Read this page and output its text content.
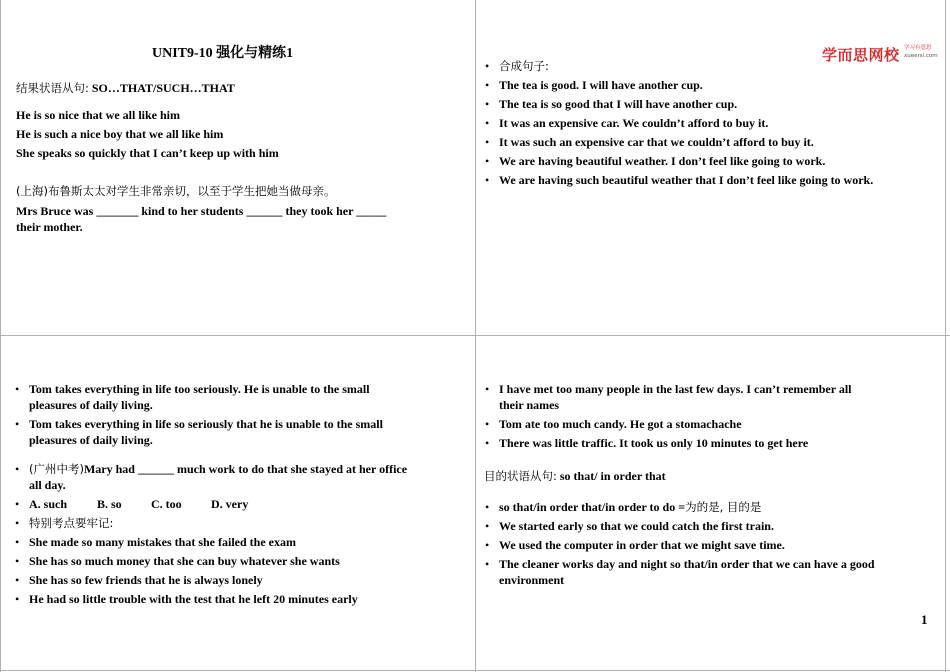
UNIT9-10 强化与精练1
结果状语从句: SO…THAT/SUCH…THAT
He is so nice that we all like him
He is such a nice boy that we all like him
She speaks so quickly that I can’t keep up with him
(上海)布鲁斯太太对学生非常亲切，以至于学生把她当做母亲。
Mrs Bruce was _______ kind to her students ______ they took her _____
their mother.
学而思网校 学习有意思
xueersi.com
• 合成句子:
• The tea is good. I will have another cup.
• The tea is so good that I will have another cup.
• It was an expensive car. We couldn’t afford to buy it.
• It was such an expensive car that we couldn’t afford to buy it.
• We are having beautiful weather. I don’t feel like going to work.
• We are having such beautiful weather that I don’t feel like going to work.
• Tom takes everything in life too seriously. He is unable to the small
pleasures of daily living.
• Tom takes everything in life so seriously that he is unable to the small
pleasures of daily living.
• (广州中考)Mary had ______ much work to do that she stayed at her office
all day.
• A. such B. so C. too D. very
• 特别考点要牢记:
• She made so many mistakes that she failed the exam
• She has so much money that she can buy whatever she wants
• She has so few friends that he is always lonely
• He had so little trouble with the test that he left 20 minutes early
• I have met too many people in the last few days. I can’t remember all
their names
• Tom ate too much candy. He got a stomachache
• There was little traffic. It took us only 10 minutes to get here
目的状语从句: so that/ in order that
• so that/in order that/in order to do =为的是, 目的是
• We started early so that we could catch the first train.
• We used the computer in order that we might save time.
• The cleaner works day and night so that/in order that we can have a good
environment
1
